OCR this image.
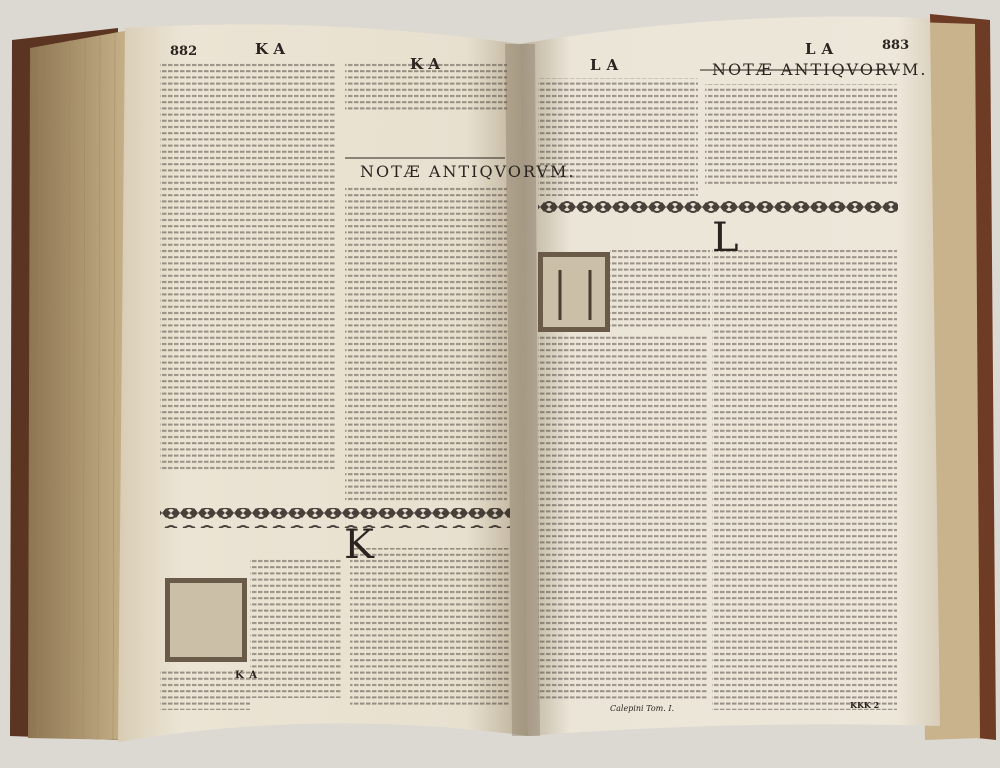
882	KA
KA
NOTÆ ANTIQVORVM.
K
KA
883
LA
LA	NOTÆ ANTIQVORVM.
L
Calepini Tom. I.	KKK 2
